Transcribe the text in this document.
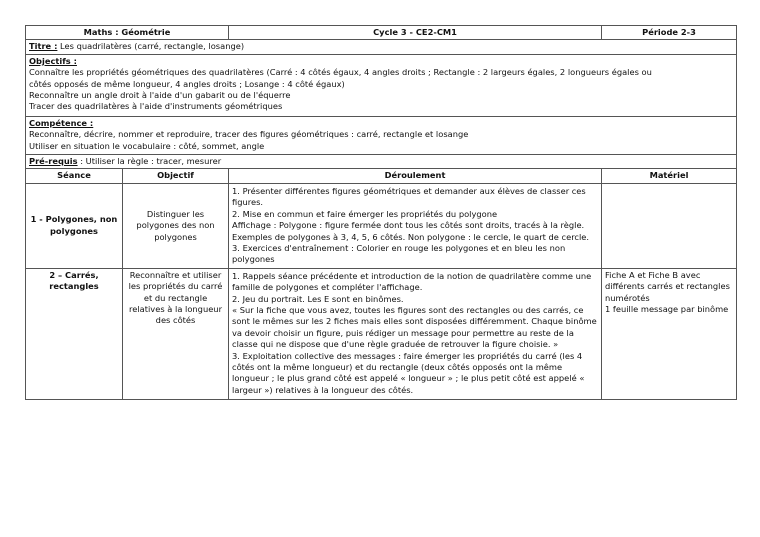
Maths : Géométrie		Cycle 3 - CE2-CM1	Période 2-3
Titre : Les quadrilatères (carré, rectangle, losange)			

Objectifs :
Connaître les propriétés géométriques des quadrilatères (Carré : 4 côtés égaux, 4 angles droits ; Rectangle : 2 largeurs égales, 2 longueurs égales ou
côtés opposés de même longueur, 4 angles droits ; Losange : 4 côté égaux)
Reconnaître un angle droit à l'aide d'un gabarit ou de l'équerre
Tracer des quadrilatères à l'aide d'instruments géométriques			

Compétence :
Reconnaître, décrire, nommer et reproduire, tracer des figures géométriques : carré, rectangle et losange
Utiliser en situation le vocabulaire : côté, sommet, angle			

Pré-requis : Utiliser la règle : tracer, mesurer			
Séance	Objectif	Déroulement	Matériel
1 - Polygones, non polygones	Distinguer les polygones des non polygones	1. Présenter différentes figures géométriques et demander aux élèves de classer ces figures.
2. Mise en commun et faire émerger les propriétés du polygone
Affichage : Polygone : figure fermée dont tous les côtés sont droits, tracés à la règle. Exemples de polygones à 3, 4, 5, 6 côtés. Non polygone : le cercle, le quart de cercle.
3. Exercices d'entraînement : Colorier en rouge les polygones et en bleu les non polygones	

2 – Carrés, rectangles	Reconnaître et utiliser les propriétés du carré et du rectangle relatives à la longueur des côtés	1. Rappels séance précédente et introduction de la notion de quadrilatère comme une famille de polygones et compléter l'affichage.
2. Jeu du portrait. Les E sont en binômes.
« Sur la fiche que vous avez, toutes les figures sont des rectangles ou des carrés, ce sont le mêmes sur les 2 fiches mais elles sont disposées différemment. Chaque binôme va devoir choisir un figure, puis rédiger un message pour permettre au reste de la classe qui ne dispose que d'une règle graduée de retrouver la figure choisie. »
3. Exploitation collective des messages : faire émerger les propriétés du carré (les 4 côtés ont la même longueur) et du rectangle (deux côtés opposés ont la même longueur ; le plus grand côté est appelé « longueur » ; le plus petit côté est appelé « largeur ») relatives à la longueur des côtés.	Fiche A et Fiche B avec différents carrés et rectangles numérotés
1 feuille message par binôme
